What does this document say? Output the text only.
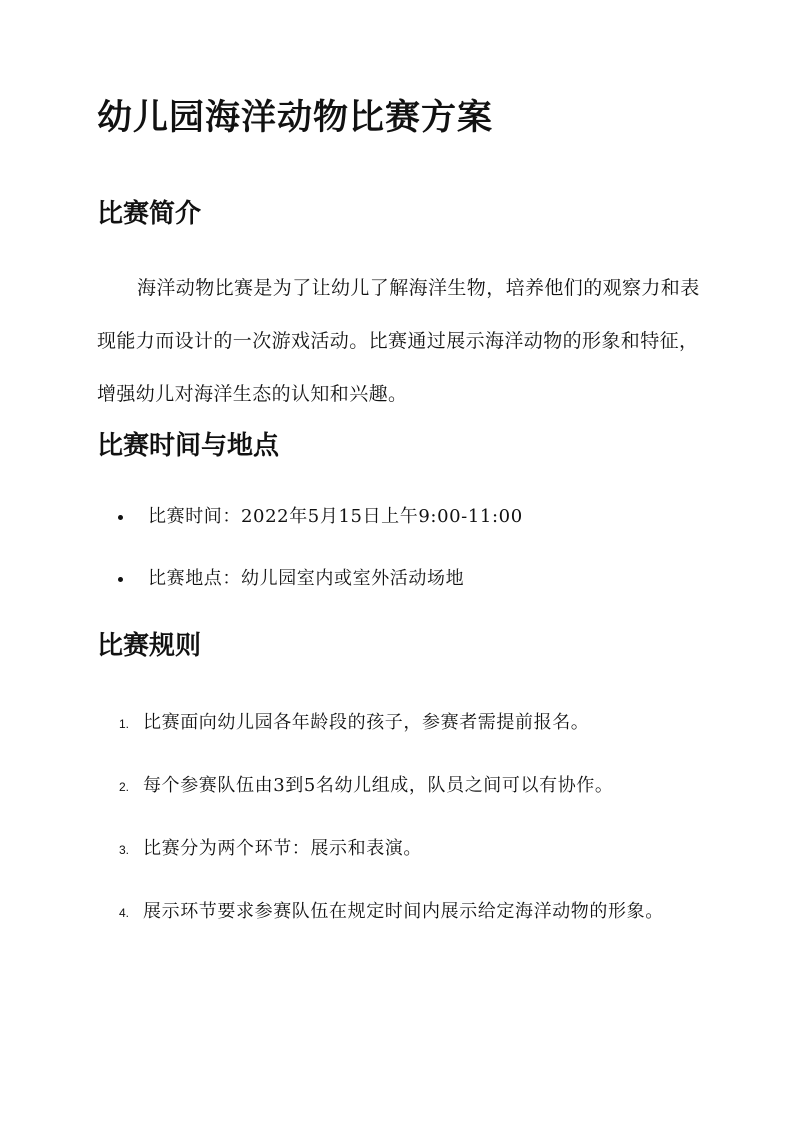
幼儿园海洋动物比赛方案
比赛简介

海洋动物比赛是为了让幼儿了解海洋生物，培养他们的观察力和表现能力而设计的一次游戏活动。比赛通过展示海洋动物的形象和特征，增强幼儿对海洋生态的认知和兴趣。

比赛时间与地点
比赛时间：2022年5月15日上午9:00-11:00
比赛地点：幼儿园室内或室外活动场地
比赛规则
1. 比赛面向幼儿园各年龄段的孩子，参赛者需提前报名。
2. 每个参赛队伍由3到5名幼儿组成，队员之间可以有协作。
3. 比赛分为两个环节：展示和表演。
4. 展示环节要求参赛队伍在规定时间内展示给定海洋动物的形象。
